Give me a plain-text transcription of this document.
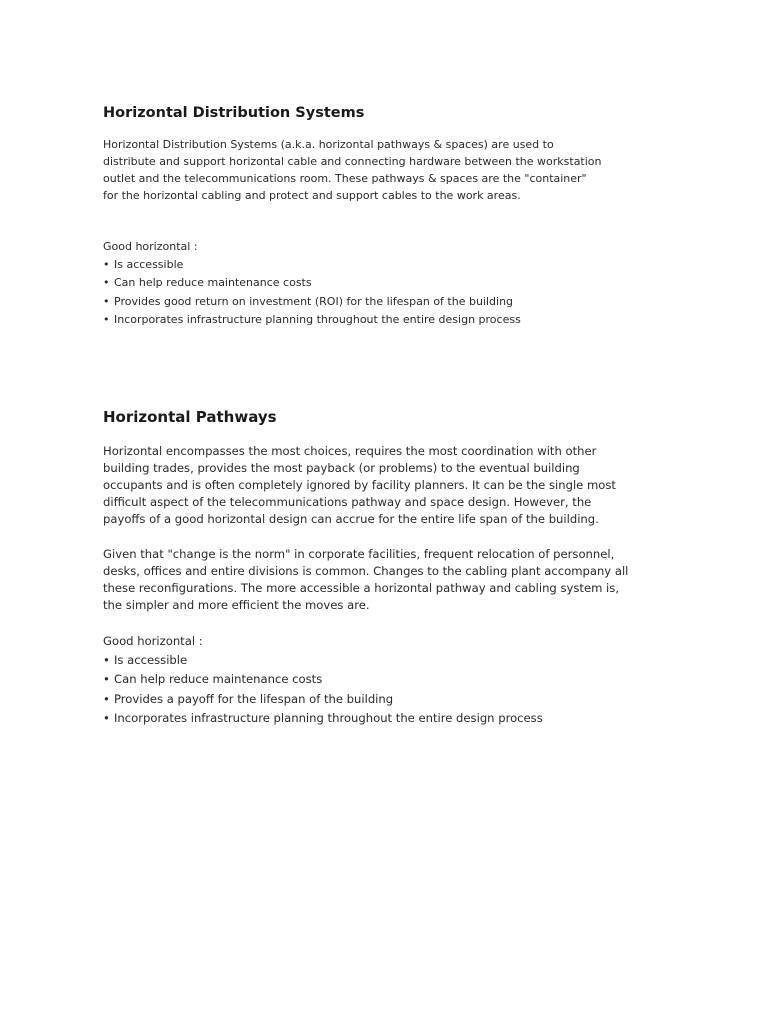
Horizontal Distribution Systems

Horizontal Distribution Systems (a.k.a. horizontal pathways & spaces) are used to
distribute and support horizontal cable and connecting hardware between the workstation
outlet and the telecommunications room. These pathways & spaces are the "container"
for the horizontal cabling and protect and support cables to the work areas.

Good horizontal :

• Is accessible
• Can help reduce maintenance costs
• Provides good return on investment (ROI) for the lifespan of the building
• Incorporates infrastructure planning throughout the entire design process
Horizontal Pathways

Horizontal encompasses the most choices, requires the most coordination with other
building trades, provides the most payback (or problems) to the eventual building
occupants and is often completely ignored by facility planners. It can be the single most
difficult aspect of the telecommunications pathway and space design. However, the
payoffs of a good horizontal design can accrue for the entire life span of the building.

Given that "change is the norm" in corporate facilities, frequent relocation of personnel,
desks, offices and entire divisions is common. Changes to the cabling plant accompany all
these reconfigurations. The more accessible a horizontal pathway and cabling system is,
the simpler and more efficient the moves are.

Good horizontal :

• Is accessible
• Can help reduce maintenance costs
• Provides a payoff for the lifespan of the building
• Incorporates infrastructure planning throughout the entire design process
